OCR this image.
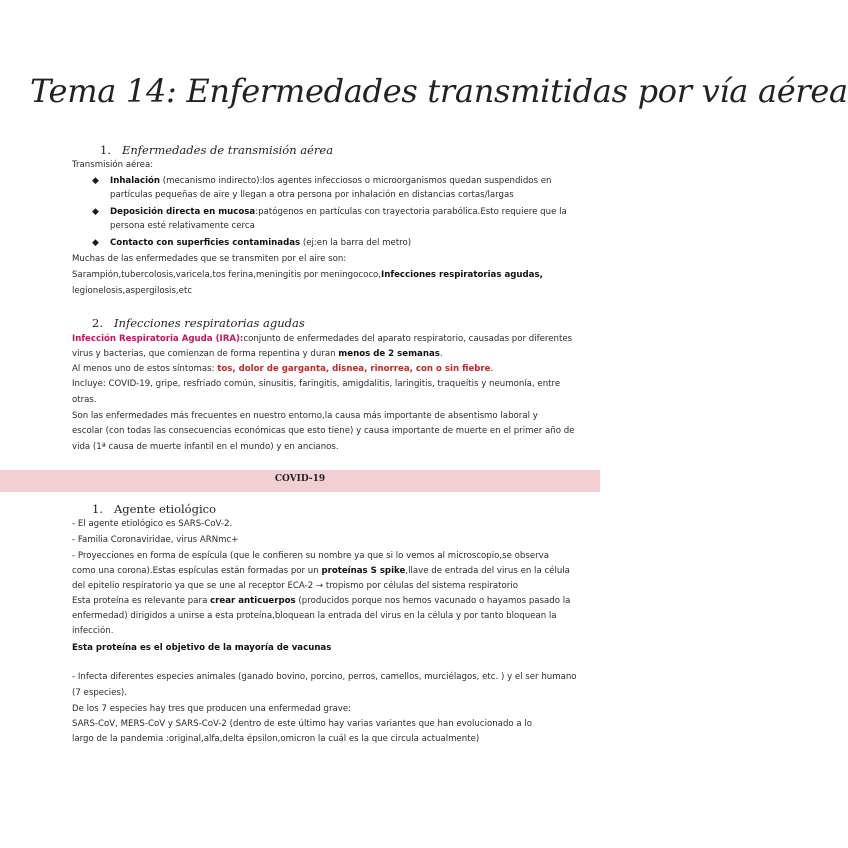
Tema 14: Enfermedades transmitidas por vía aérea
1. Enfermedades de transmisión aérea
Transmisión aérea:
◆	Inhalación (mecanismo indirecto):los agentes infecciosos o microorganismos quedan suspendidos en
partículas pequeñas de aire y llegan a otra persona por inhalación en distancias cortas/largas
◆	Deposición directa en mucosa:patógenos en partículas con trayectoria parabólica.Esto requiere que la
persona esté relativamente cerca
◆	Contacto con superficies contaminadas (ej:en la barra del metro)
Muchas de las enfermedades que se transmiten por el aire son:
Sarampión,tubercolosis,varicela,tos ferina,meningitis por meningococo,Infecciones respiratorias agudas,
legionelosis,aspergilosis,etc
2. Infecciones respiratorias agudas
Infección Respiratoria Aguda (IRA):conjunto de enfermedades del aparato respiratorio, causadas por diferentes
virus y bacterias, que comienzan de forma repentina y duran menos de 2 semanas.
Al menos uno de estos síntomas: tos, dolor de garganta, disnea, rinorrea, con o sin fiebre.
Incluye: COVID-19, gripe, resfriado común, sinusitis, faringitis, amigdalitis, laringitis, traqueítis y neumonía, entre
otras.
Son las enfermedades más frecuentes en nuestro entorno,la causa más importante de absentismo laboral y
escolar (con todas las consecuencias económicas que esto tiene) y causa importante de muerte en el primer año de
vida (1ª causa de muerte infantil en el mundo) y en ancianos.
COVID-19
1. Agente etiológico
- El agente etiológico es SARS-CoV-2.
- Familia Coronaviridae, virus ARNmc+
- Proyecciones en forma de espícula (que le confieren su nombre ya que si lo vemos al microscopio,se observa
como una corona).Estas espículas están formadas por un proteínas S spike,llave de entrada del virus en la célula
del epitelio respiratorio ya que se une al receptor ECA-2 → tropismo por células del sistema respiratorio
Esta proteína es relevante para crear anticuerpos (producidos porque nos hemos vacunado o hayamos pasado la
enfermedad) dirigidos a unirse a esta proteína,bloquean la entrada del virus en la célula y por tanto bloquean la
infección.
Esta proteína es el objetivo de la mayoría de vacunas
- Infecta diferentes especies animales (ganado bovino, porcino, perros, camellos, murciélagos, etc. ) y el ser humano
(7 especies).
De los 7 especies hay tres que producen una enfermedad grave:
SARS-CoV, MERS-CoV y SARS-CoV-2 (dentro de este último hay varias variantes que han evolucionado a lo
largo de la pandemia :original,alfa,delta épsilon,omicron la cuál es la que circula actualmente)
